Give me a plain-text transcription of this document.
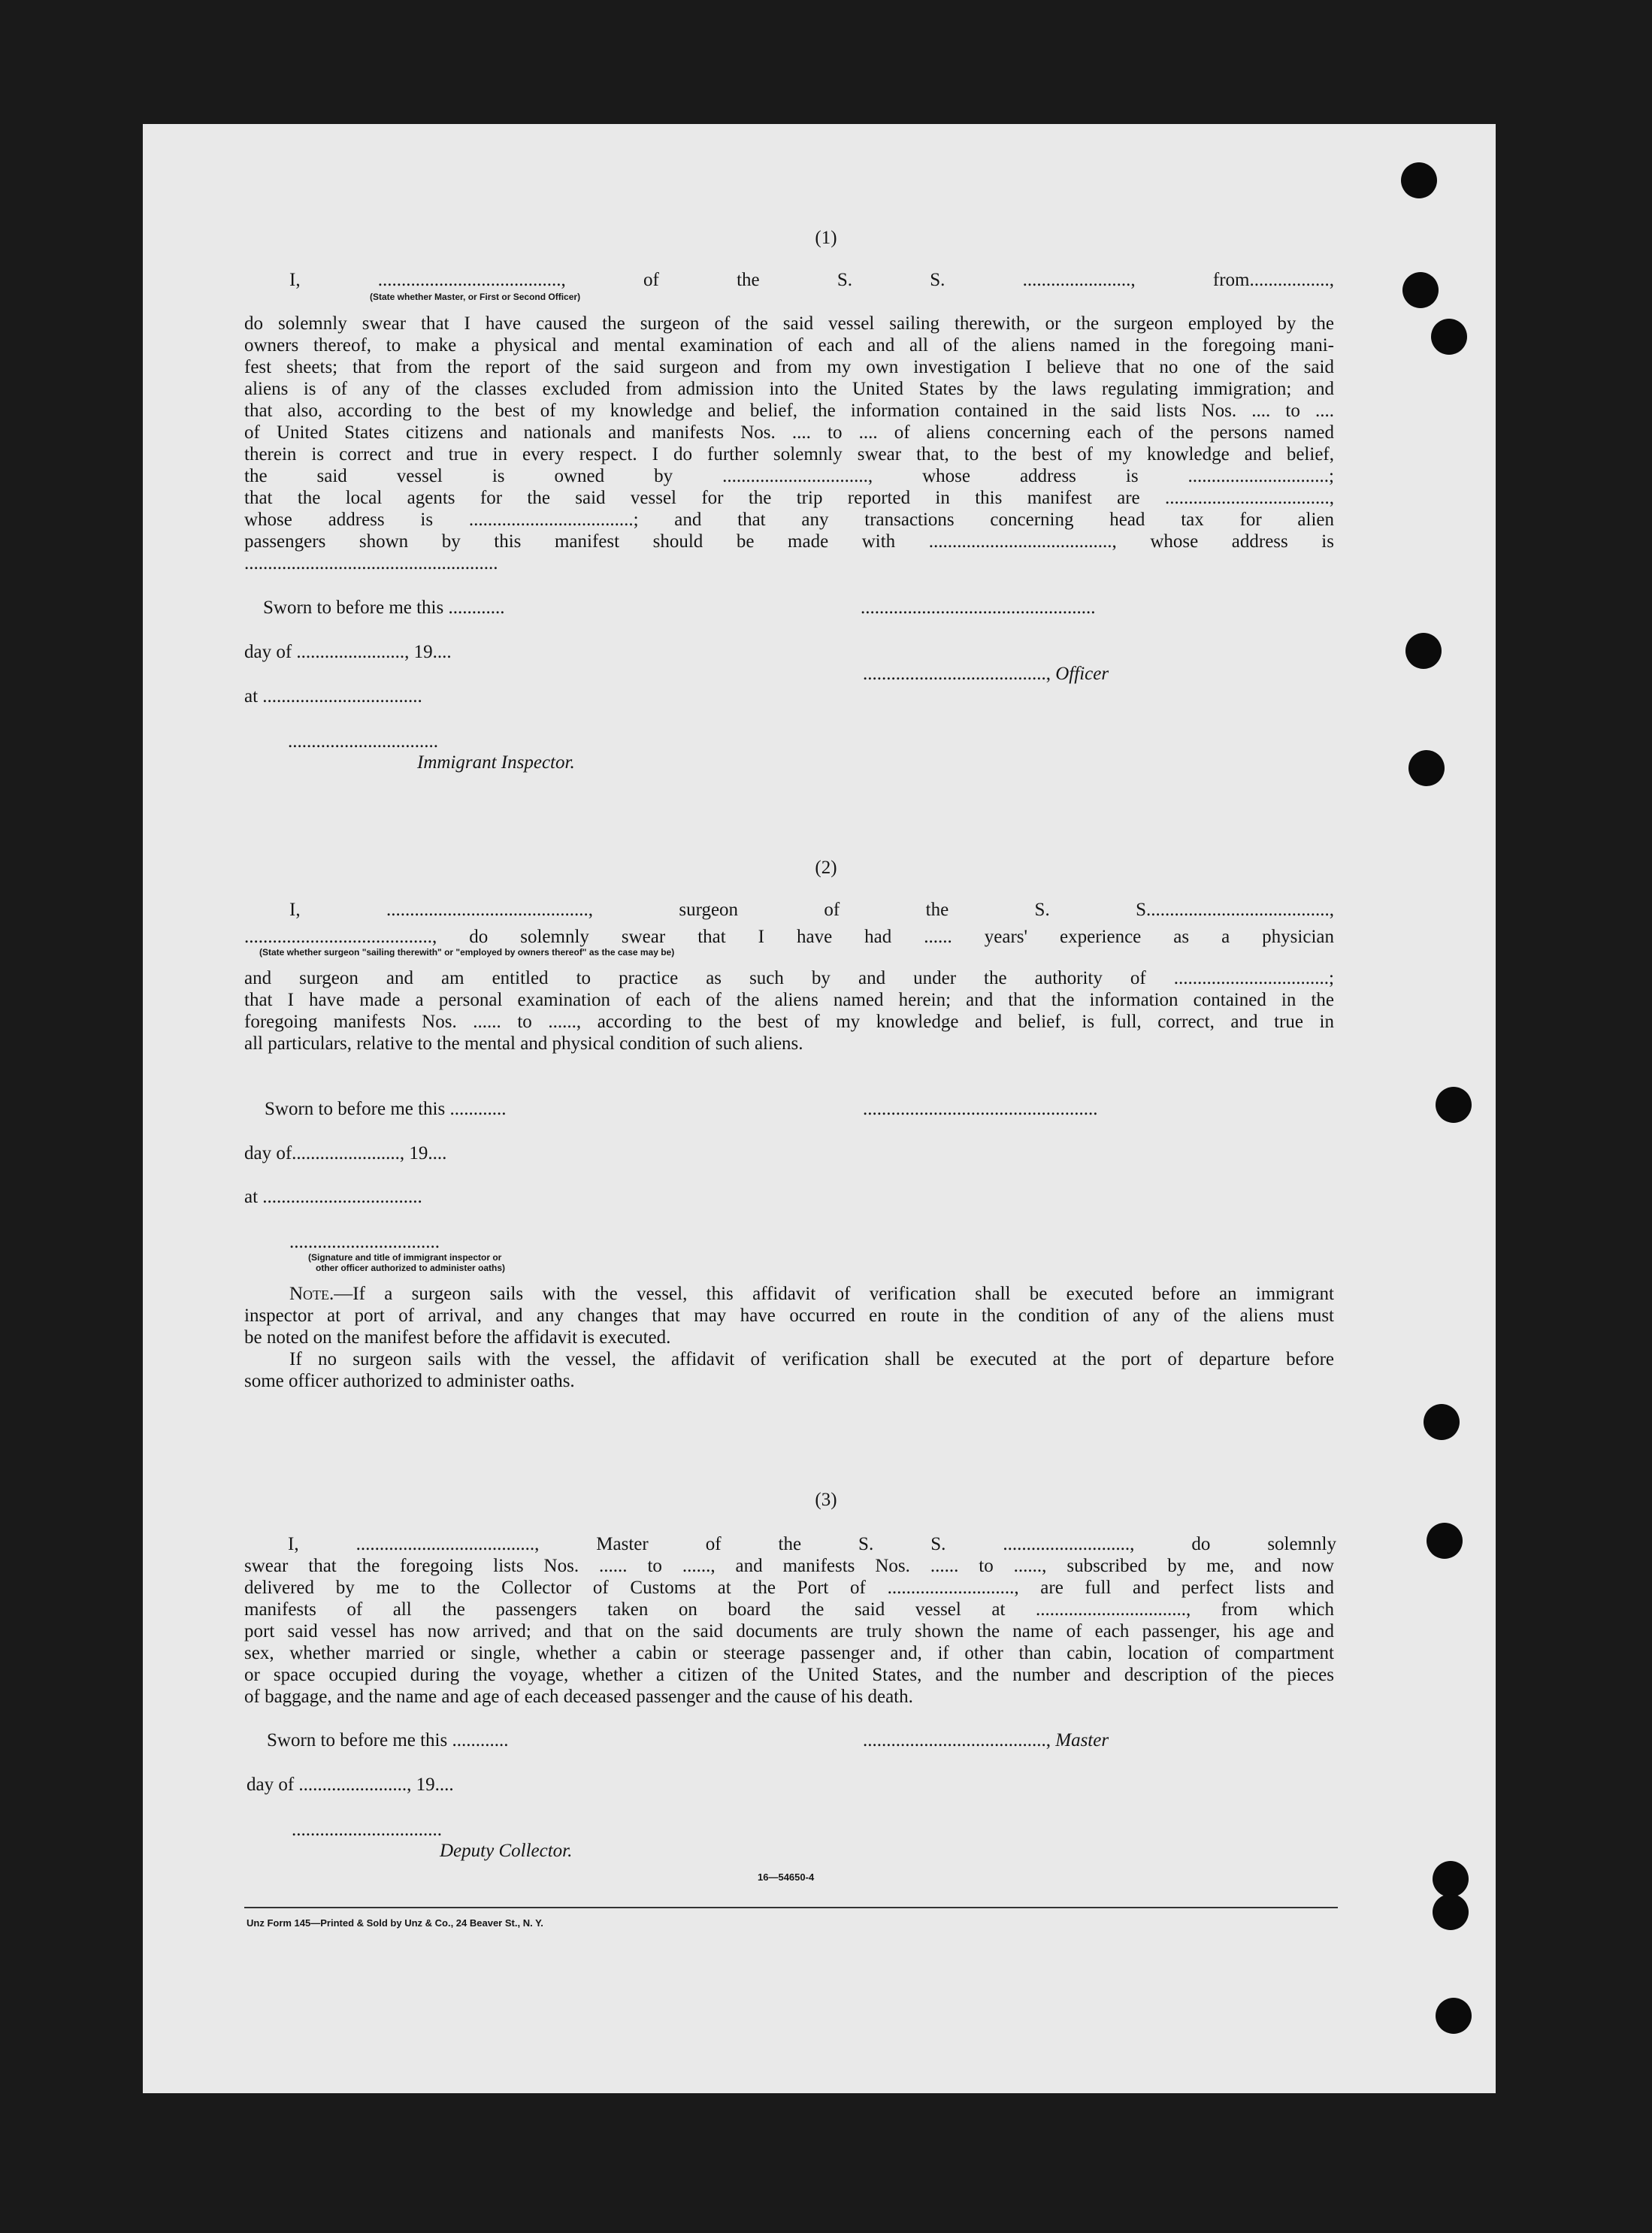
(1)
I, ......................................., of the S. S. ......................., from.................,
(State whether Master, or First or Second Officer)
do solemnly swear that I have caused the surgeon of the said vessel sailing therewith, or the surgeon employed by the
owners thereof, to make a physical and mental examination of each and all of the aliens named in the foregoing mani-
fest sheets; that from the report of the said surgeon and from my own investigation I believe that no one of the said
aliens is of any of the classes excluded from admission into the United States by the laws regulating immigration; and
that also, according to the best of my knowledge and belief, the information contained in the said lists Nos. .... to ....
of United States citizens and nationals and manifests Nos. .... to .... of aliens concerning each of the persons named
therein is correct and true in every respect. I do further solemnly swear that, to the best of my knowledge and belief,
the said vessel is owned by ..............................., whose address is ..............................;
that the local agents for the said vessel for the trip reported in this manifest are ...................................,
whose address is ...................................; and that any transactions concerning head tax for alien
passengers shown by this manifest should be made with ......................................., whose address is
......................................................
Sworn to before me this ............	..................................................
day of ......................., 19....
......................................., Officer
at ..................................
................................
Immigrant Inspector.
(2)
I, ..........................................., surgeon of the S. S.......................................,
........................................, do solemnly swear that I have had ...... years' experience as a physician
(State whether surgeon "sailing therewith" or "employed by owners thereof" as the case may be)
and surgeon and am entitled to practice as such by and under the authority of .................................;
that I have made a personal examination of each of the aliens named herein; and that the information contained in the
foregoing manifests Nos. ...... to ......, according to the best of my knowledge and belief, is full, correct, and true in
all particulars, relative to the mental and physical condition of such aliens.
Sworn to before me this ............	..................................................
day of......................., 19....
at ..................................
................................
(Signature and title of immigrant inspector or
other officer authorized to administer oaths)
Note.—If a surgeon sails with the vessel, this affidavit of verification shall be executed before an immigrant
inspector at port of arrival, and any changes that may have occurred en route in the condition of any of the aliens must
be noted on the manifest before the affidavit is executed.
If no surgeon sails with the vessel, the affidavit of verification shall be executed at the port of departure before
some officer authorized to administer oaths.
(3)
I, ......................................, Master of the S. S. ..........................., do solemnly
swear that the foregoing lists Nos. ...... to ......, and manifests Nos. ...... to ......, subscribed by me, and now
delivered by me to the Collector of Customs at the Port of ..........................., are full and perfect lists and
manifests of all the passengers taken on board the said vessel at ................................, from which
port said vessel has now arrived; and that on the said documents are truly shown the name of each passenger, his age and
sex, whether married or single, whether a cabin or steerage passenger and, if other than cabin, location of compartment
or space occupied during the voyage, whether a citizen of the United States, and the number and description of the pieces
of baggage, and the name and age of each deceased passenger and the cause of his death.
Sworn to before me this ............	......................................., Master
day of ......................., 19....
................................
Deputy Collector.
16—54650-4
Unz Form 145—Printed & Sold by Unz & Co., 24 Beaver St., N. Y.
